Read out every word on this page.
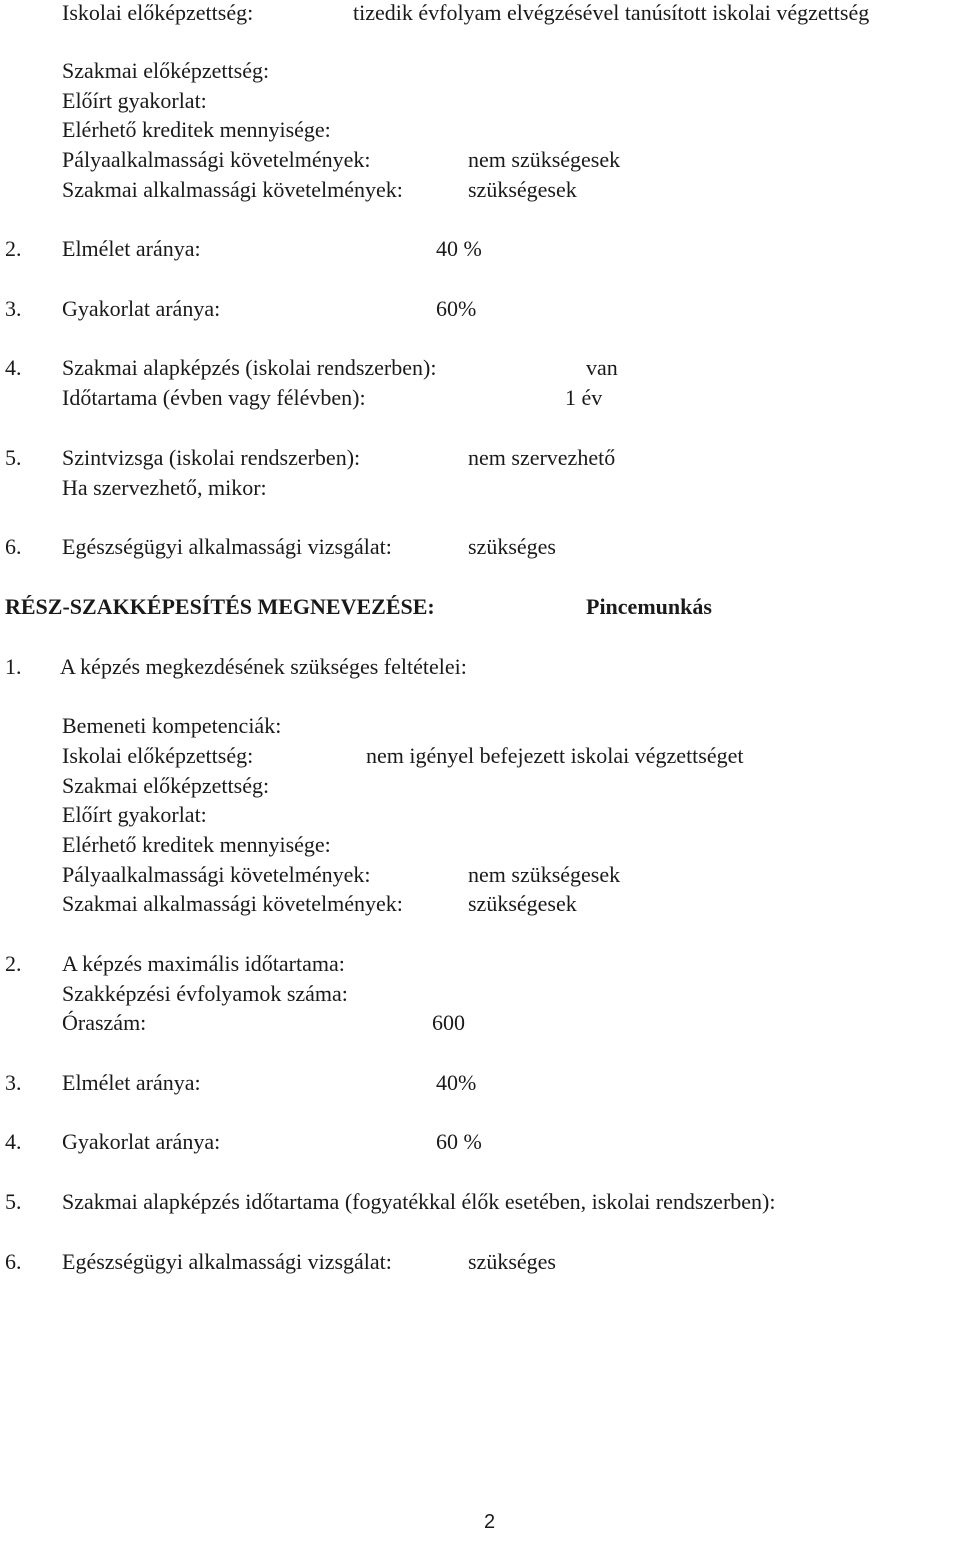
Iskolai előképzettség:	tizedik évfolyam elvégzésével tanúsított iskolai végzettség
Szakmai előképzettség:
Előírt gyakorlat:
Elérhető kreditek mennyisége:
Pályaalkalmassági követelmények:	nem szükségesek
Szakmai alkalmassági követelmények:	szükségesek
2. Elmélet aránya:	40 %
3. Gyakorlat aránya:	60%
4. Szakmai alapképzés (iskolai rendszerben):	van
Időtartama (évben vagy félévben):	1 év
5. Szintvizsga (iskolai rendszerben):	nem szervezhető
Ha szervezhető, mikor:
6. Egészségügyi alkalmassági vizsgálat:	szükséges
RÉSZ-SZAKKÉPESÍTÉS MEGNEVEZÉSE:	Pincemunkás
1. A képzés megkezdésének szükséges feltételei:
Bemeneti kompetenciák:
Iskolai előképzettség:	nem igényel befejezett iskolai végzettséget
Szakmai előképzettség:
Előírt gyakorlat:
Elérhető kreditek mennyisége:
Pályaalkalmassági követelmények:	nem szükségesek
Szakmai alkalmassági követelmények:	szükségesek
2. A képzés maximális időtartama:
Szakképzési évfolyamok száma:
Óraszám:	600
3. Elmélet aránya:	40%
4. Gyakorlat aránya:	60 %
5. Szakmai alapképzés időtartama (fogyatékkal élők esetében, iskolai rendszerben):
6. Egészségügyi alkalmassági vizsgálat:	szükséges
2
